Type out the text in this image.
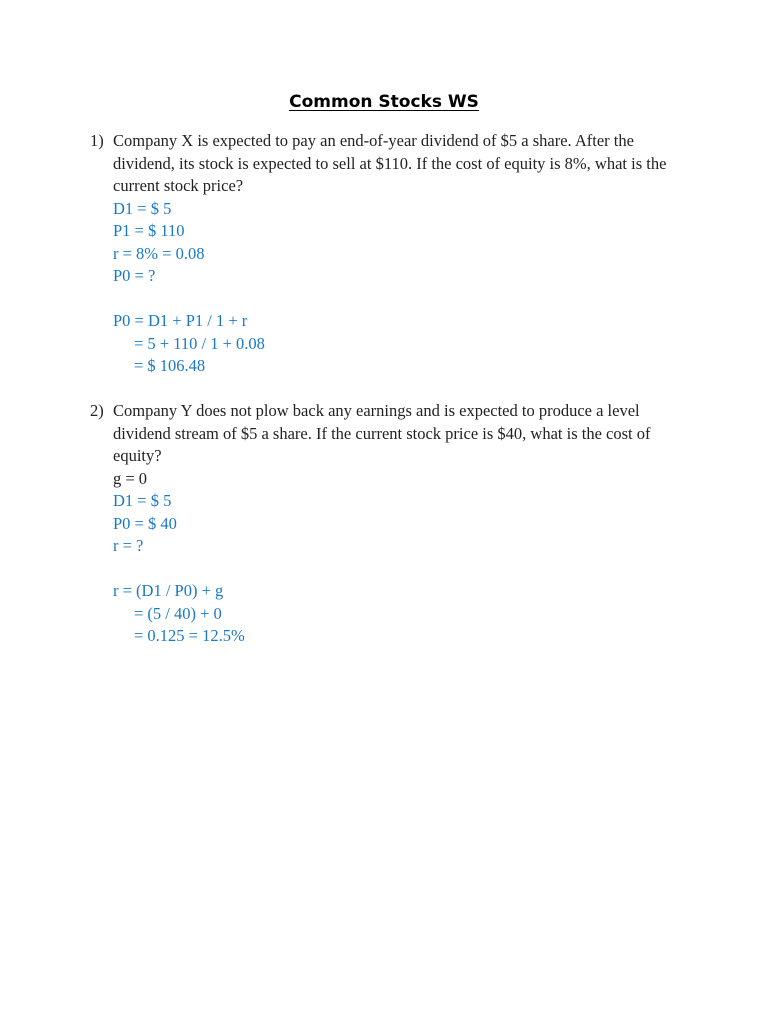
Common Stocks WS
1) Company X is expected to pay an end-of-year dividend of $5 a share. After the dividend, its stock is expected to sell at $110. If the cost of equity is 8%, what is the current stock price?
D1 = $ 5
P1 = $ 110
r = 8% = 0.08
P0 = ?
P0 = D1 + P1 / 1 + r
= 5 + 110 / 1 + 0.08
= $ 106.48
2) Company Y does not plow back any earnings and is expected to produce a level dividend stream of $5 a share. If the current stock price is $40, what is the cost of equity?
g = 0
D1 = $ 5
P0 = $ 40
r = ?
r = (D1 / P0) + g
= (5 / 40) + 0
= 0.125 = 12.5%
